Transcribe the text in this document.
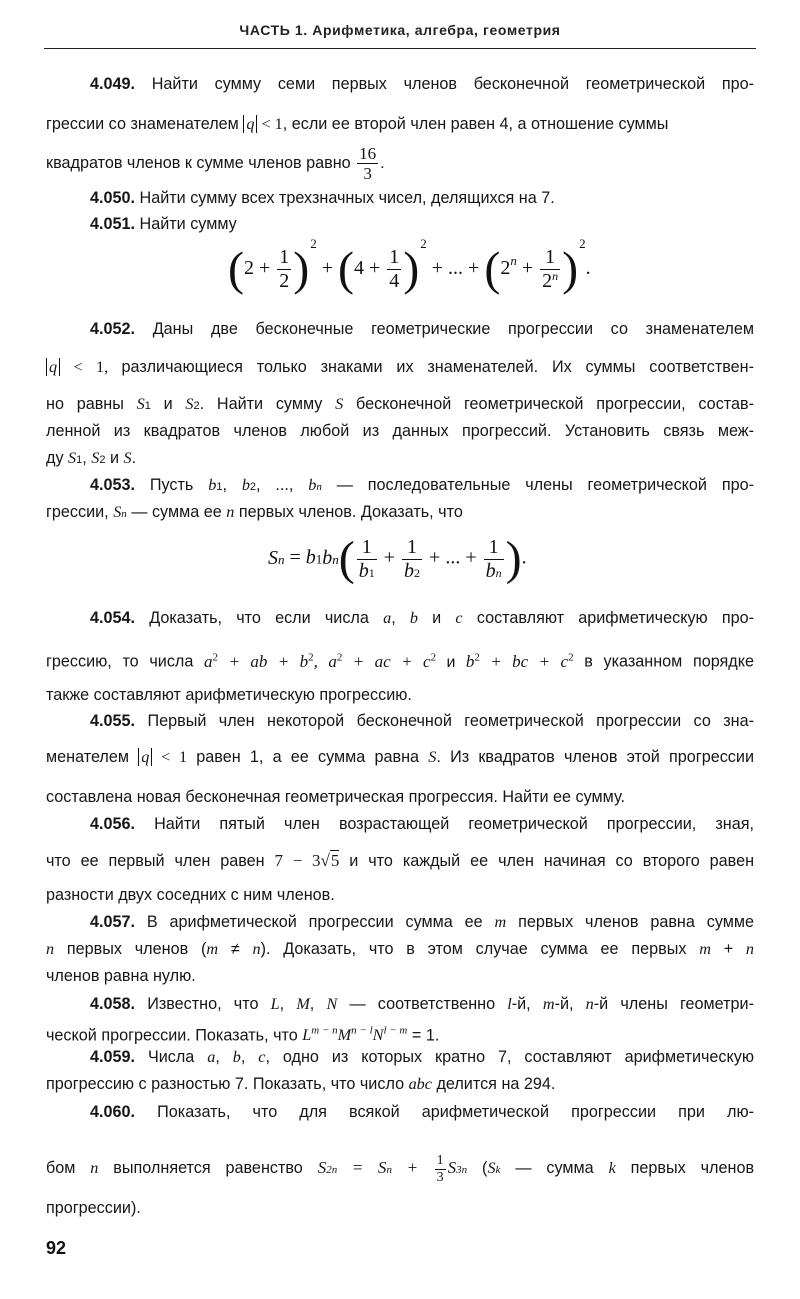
ЧАСТЬ 1. Арифметика, алгебра, геометрия
4.049. Найти сумму семи первых членов бесконечной геометрической про-
грессии со знаменателем q < 1, если ее второй член равен 4, а отношение суммы
квадратов членов к сумме членов равно $\frac{16}{3}$ .
4.050. Найти сумму всех трехзначных чисел, делящихся на 7.
4.051. Найти сумму
$(2 + \frac{1}{2} )^2 + (4 + \frac{1}{4} )^2$ + ... + $(2^n + \frac{1}{2^n} )^2$.
4.052. Даны две бесконечные геометрические прогрессии со знаменателем
q < 1, различающиеся только знаками их знаменателей. Их суммы соответствен-
но равны S1 и S2. Найти сумму S бесконечной геометрической прогрессии, состав-
ленной из квадратов членов любой из данных прогрессий. Установить связь меж-
ду S1, S2 и S.
4.053. Пусть b1, b2, ..., bn — последовательные члены геометрической про-
грессии, Sn — сумма ее n первых членов. Доказать, что
$Sn = b1bn( \frac{1}{b1} + \frac{1}{b2}$ + ... + $\frac{1}{bn}$ ).
4.054. Доказать, что если числа a, b и c составляют арифметическую про-
грессию, то числа $a^2$ + ab + $b^2$, $a^2$ + ac + $c^2$ и $b^2$ + bc + $c^2$ в указанном порядке
также составляют арифметическую прогрессию.
4.055. Первый член некоторой бесконечной геометрической прогрессии со зна-
менателем q < 1 равен 1, а ее сумма равна S. Из квадратов членов этой прогрессии
составлена новая бесконечная геометрическая прогрессия. Найти ее сумму.
4.056. Найти пятый член возрастающей геометрической прогрессии, зная,
что ее первый член равен 7 − 3√5 и что каждый ее член начиная со второго равен
разности двух соседних с ним членов.
4.057. В арифметической прогрессии сумма ее m первых членов равна сумме
n первых членов (m ≠ n). Доказать, что в этом случае сумма ее первых m + n
членов равна нулю.
4.058. Известно, что L, M, N — соответственно l-й, m-й, n-й члены геометри-
ческой прогрессии. Показать, что $L^{m - n}M^{n - l}N^{l - m} = 1$.
4.059. Числа a, b, c, одно из которых кратно 7, составляют арифметическую
прогрессию с разностью 7. Показать, что число abc делится на 294.
4.060. Показать, что для всякой арифметической прогрессии при лю-
бом n выполняется равенство $S2n = Sn + \frac{1}{3} S3n$ (Sk — сумма k первых членов
прогрессии).
92
